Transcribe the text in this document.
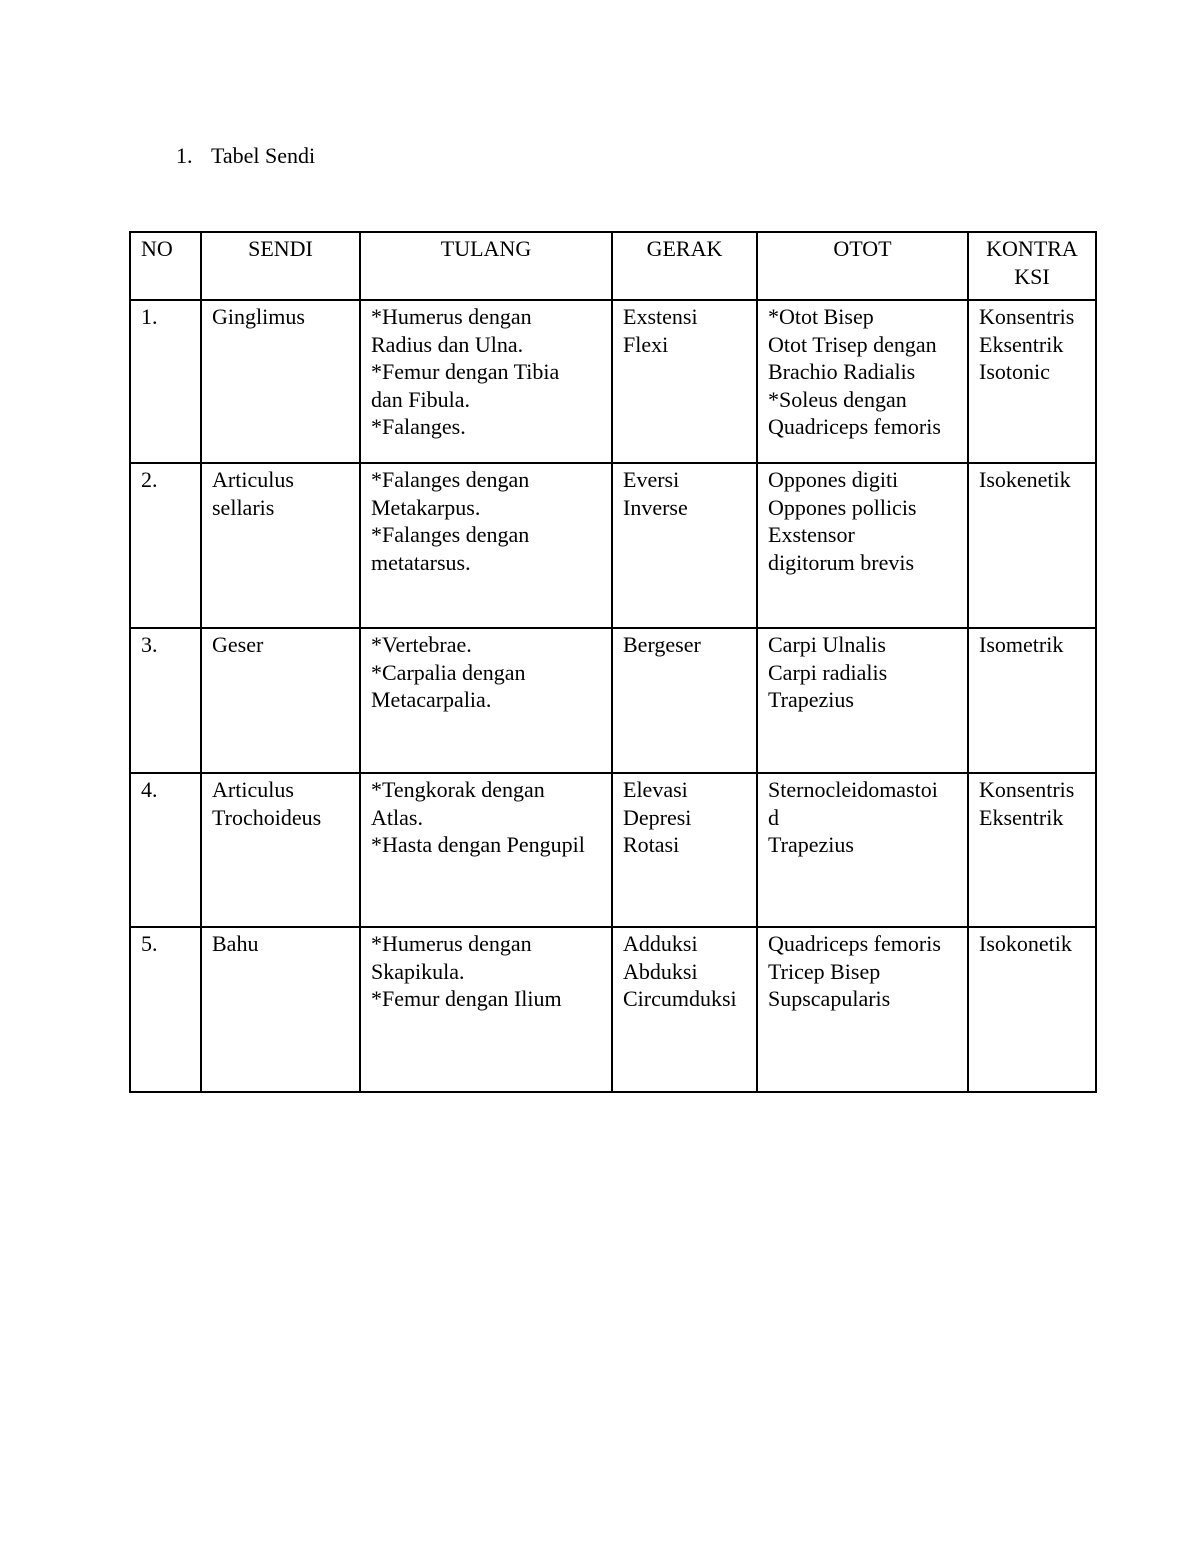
1. Tabel Sendi
NO	SENDI	TULANG	GERAK	OTOT	KONTRA
KSI

1.	Ginglimus	*Humerus dengan
Radius dan Ulna.
*Femur dengan Tibia
dan Fibula.
*Falanges.	Exstensi
Flexi	*Otot Bisep
Otot Trisep dengan
Brachio Radialis
*Soleus dengan
Quadriceps femoris	Konsentris
Eksentrik
Isotonic

2.	Articulus
sellaris	*Falanges dengan
Metakarpus.
*Falanges dengan
metatarsus.	Eversi
Inverse	Oppones digiti
Oppones pollicis
Exstensor
digitorum brevis	Isokenetik

3.	Geser	*Vertebrae.
*Carpalia dengan
Metacarpalia.	Bergeser	Carpi Ulnalis
Carpi radialis
Trapezius	Isometrik

4.	Articulus
Trochoideus	*Tengkorak dengan
Atlas.
*Hasta dengan Pengupil	Elevasi
Depresi
Rotasi	Sternocleidomastoi
d
Trapezius	Konsentris
Eksentrik

5.	Bahu	*Humerus dengan
Skapikula.
*Femur dengan Ilium	Adduksi
Abduksi
Circumduksi	Quadriceps femoris
Tricep Bisep
Supscapularis	Isokonetik
